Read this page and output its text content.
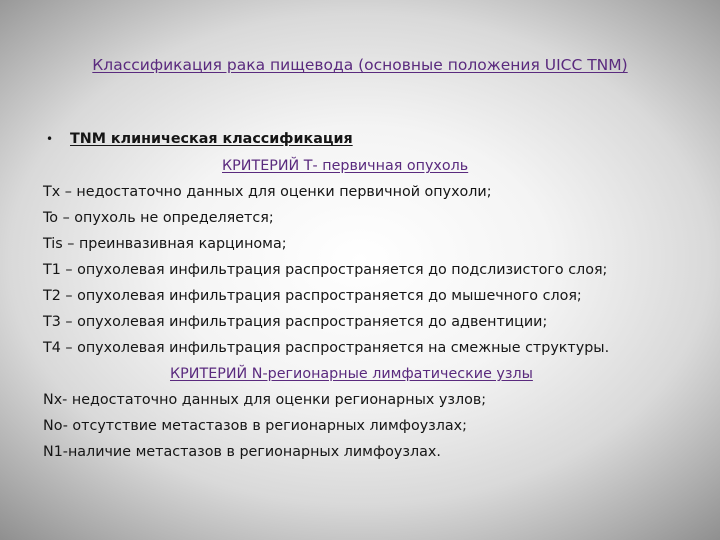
Классификация рака пищевода (основные положения UICC TNM)
• TNM клиническая классификация
КРИТЕРИЙ Т- первичная опухоль
Tx – недостаточно данных для оценки первичной опухоли;
To – опухоль не определяется;
Tis – преинвазивная карцинома;
T1 – опухолевая инфильтрация распространяется до подслизистого слоя;
T2 – опухолевая инфильтрация распространяется до мышечного слоя;
T3 – опухолевая инфильтрация распространяется до адвентиции;
T4 – опухолевая инфильтрация распространяется на смежные структуры.
КРИТЕРИЙ N-регионарные лимфатические узлы
Nx- недостаточно данных для оценки регионарных узлов;
No- отсутствие метастазов в регионарных лимфоузлах;
N1-наличие метастазов в регионарных лимфоузлах.
